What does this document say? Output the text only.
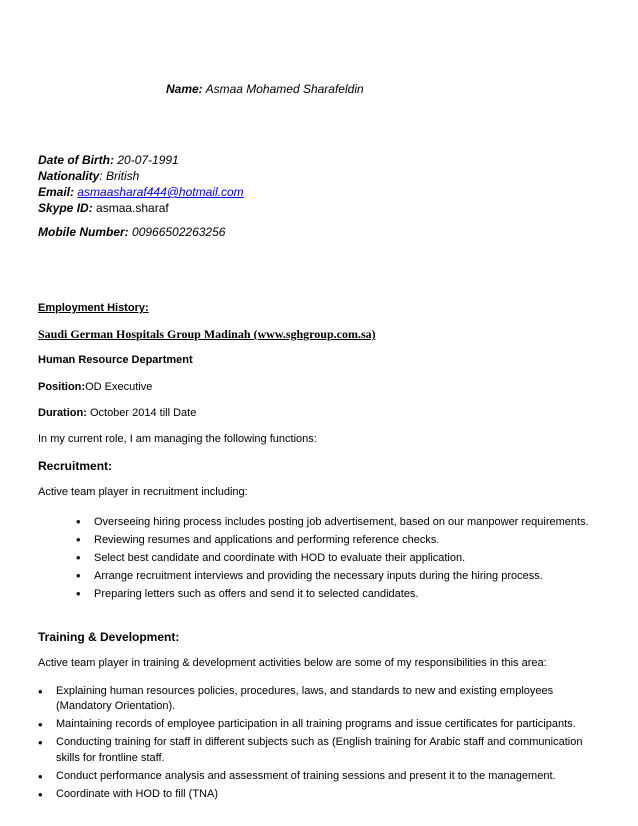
Name: Asmaa Mohamed Sharafeldin
Date of Birth: 20-07-1991
Nationality: British
Email: asmaasharaf444@hotmail.com
Skype ID: asmaa.sharaf
Mobile Number: 00966502263256
Employment History:
Saudi German Hospitals Group Madinah (www.sghgroup.com.sa)
Human Resource Department
Position:OD Executive
Duration: October 2014 till Date
In my current role, I am managing the following functions:
Recruitment:
Active team player in recruitment including:
• Overseeing hiring process includes posting job advertisement, based on our manpower requirements.
• Reviewing resumes and applications and performing reference checks.
• Select best candidate and coordinate with HOD to evaluate their application.
• Arrange recruitment interviews and providing the necessary inputs during the hiring process.
• Preparing letters such as offers and send it to selected candidates.
Training & Development:
Active team player in training & development activities below are some of my responsibilities in this area:
• Explaining human resources policies, procedures, laws, and standards to new and existing employees (Mandatory Orientation).
• Maintaining records of employee participation in all training programs and issue certificates for participants.
• Conducting training for staff in different subjects such as (English training for Arabic staff and communication skills for frontline staff.
• Conduct performance analysis and assessment of training sessions and present it to the management.
• Coordinate with HOD to fill (TNA)
